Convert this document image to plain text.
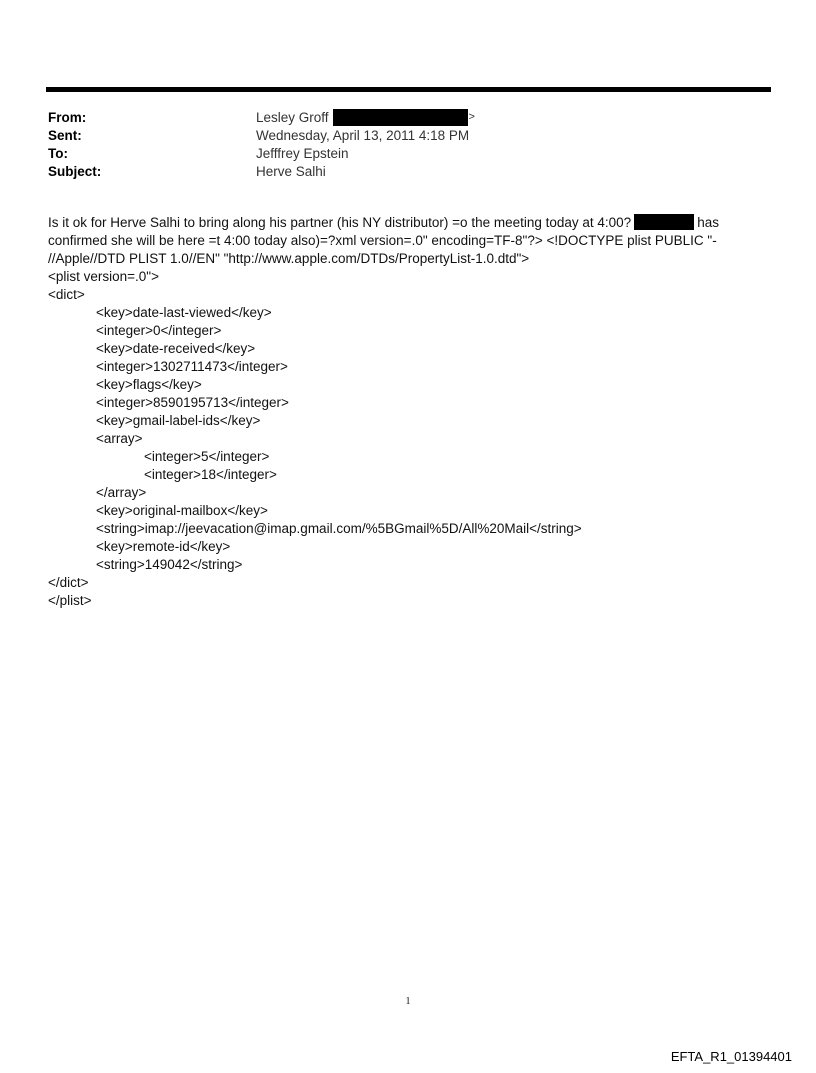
From:	Lesley Groff	>
Sent:	Wednesday, April 13, 2011 4:18 PM
To:	Jefffrey Epstein
Subject:	Herve Salhi
Is it ok for Herve Salhi to bring along his partner (his NY distributor) =o the meeting today at 4:00?	has
confirmed she will be here =t 4:00 today also)=?xml version=.0" encoding=TF-8"?> <!DOCTYPE plist PUBLIC "-
//Apple//DTD PLIST 1.0//EN" "http://www.apple.com/DTDs/PropertyList-1.0.dtd">
<plist version=.0">
<dict>
<key>date-last-viewed</key>
<integer>0</integer>
<key>date-received</key>
<integer>1302711473</integer>
<key>flags</key>
<integer>8590195713</integer>
<key>gmail-label-ids</key>
<array>
<integer>5</integer>
<integer>18</integer>
</array>
<key>original-mailbox</key>
<string>imap://jeevacation@imap.gmail.com/%5BGmail%5D/All%20Mail</string>
<key>remote-id</key>
<string>149042</string>
</dict>
</plist>
1
EFTA_R1_01394401
